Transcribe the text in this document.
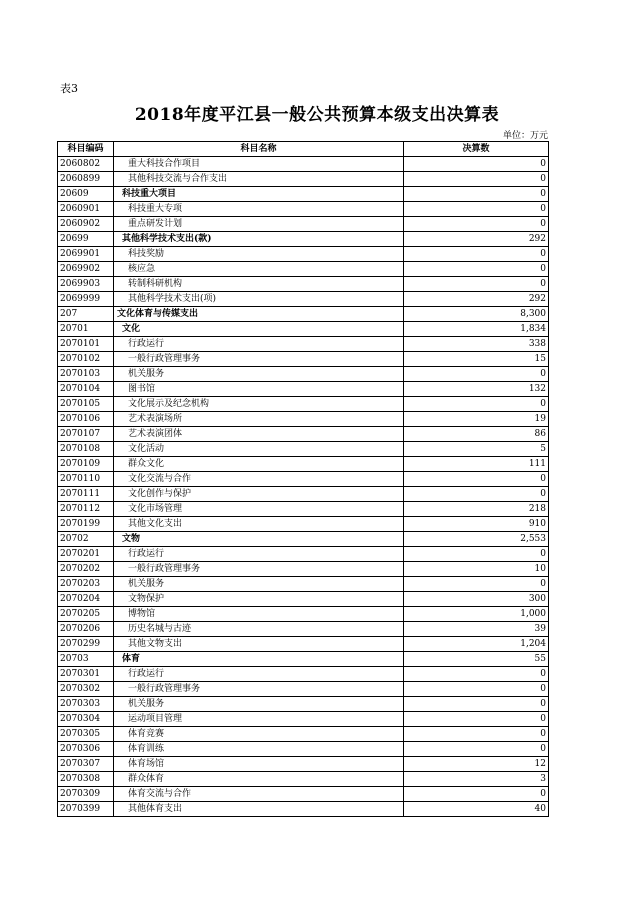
表3
2018年度平江县一般公共预算本级支出决算表
单位：万元
科目编码	科目名称	决算数
2060802	重大科技合作项目	0
2060899	其他科技交流与合作支出	0
20609	科技重大项目	0
2060901	科技重大专项	0
2060902	重点研发计划	0
20699	其他科学技术支出(款)	292
2069901	科技奖励	0
2069902	核应急	0
2069903	转制科研机构	0
2069999	其他科学技术支出(项)	292
207	文化体育与传媒支出	8,300
20701	文化	1,834
2070101	行政运行	338
2070102	一般行政管理事务	15
2070103	机关服务	0
2070104	图书馆	132
2070105	文化展示及纪念机构	0
2070106	艺术表演场所	19
2070107	艺术表演团体	86
2070108	文化活动	5
2070109	群众文化	111
2070110	文化交流与合作	0
2070111	文化创作与保护	0
2070112	文化市场管理	218
2070199	其他文化支出	910
20702	文物	2,553
2070201	行政运行	0
2070202	一般行政管理事务	10
2070203	机关服务	0
2070204	文物保护	300
2070205	博物馆	1,000
2070206	历史名城与古迹	39
2070299	其他文物支出	1,204
20703	体育	55
2070301	行政运行	0
2070302	一般行政管理事务	0
2070303	机关服务	0
2070304	运动项目管理	0
2070305	体育竞赛	0
2070306	体育训练	0
2070307	体育场馆	12
2070308	群众体育	3
2070309	体育交流与合作	0
2070399	其他体育支出	40
